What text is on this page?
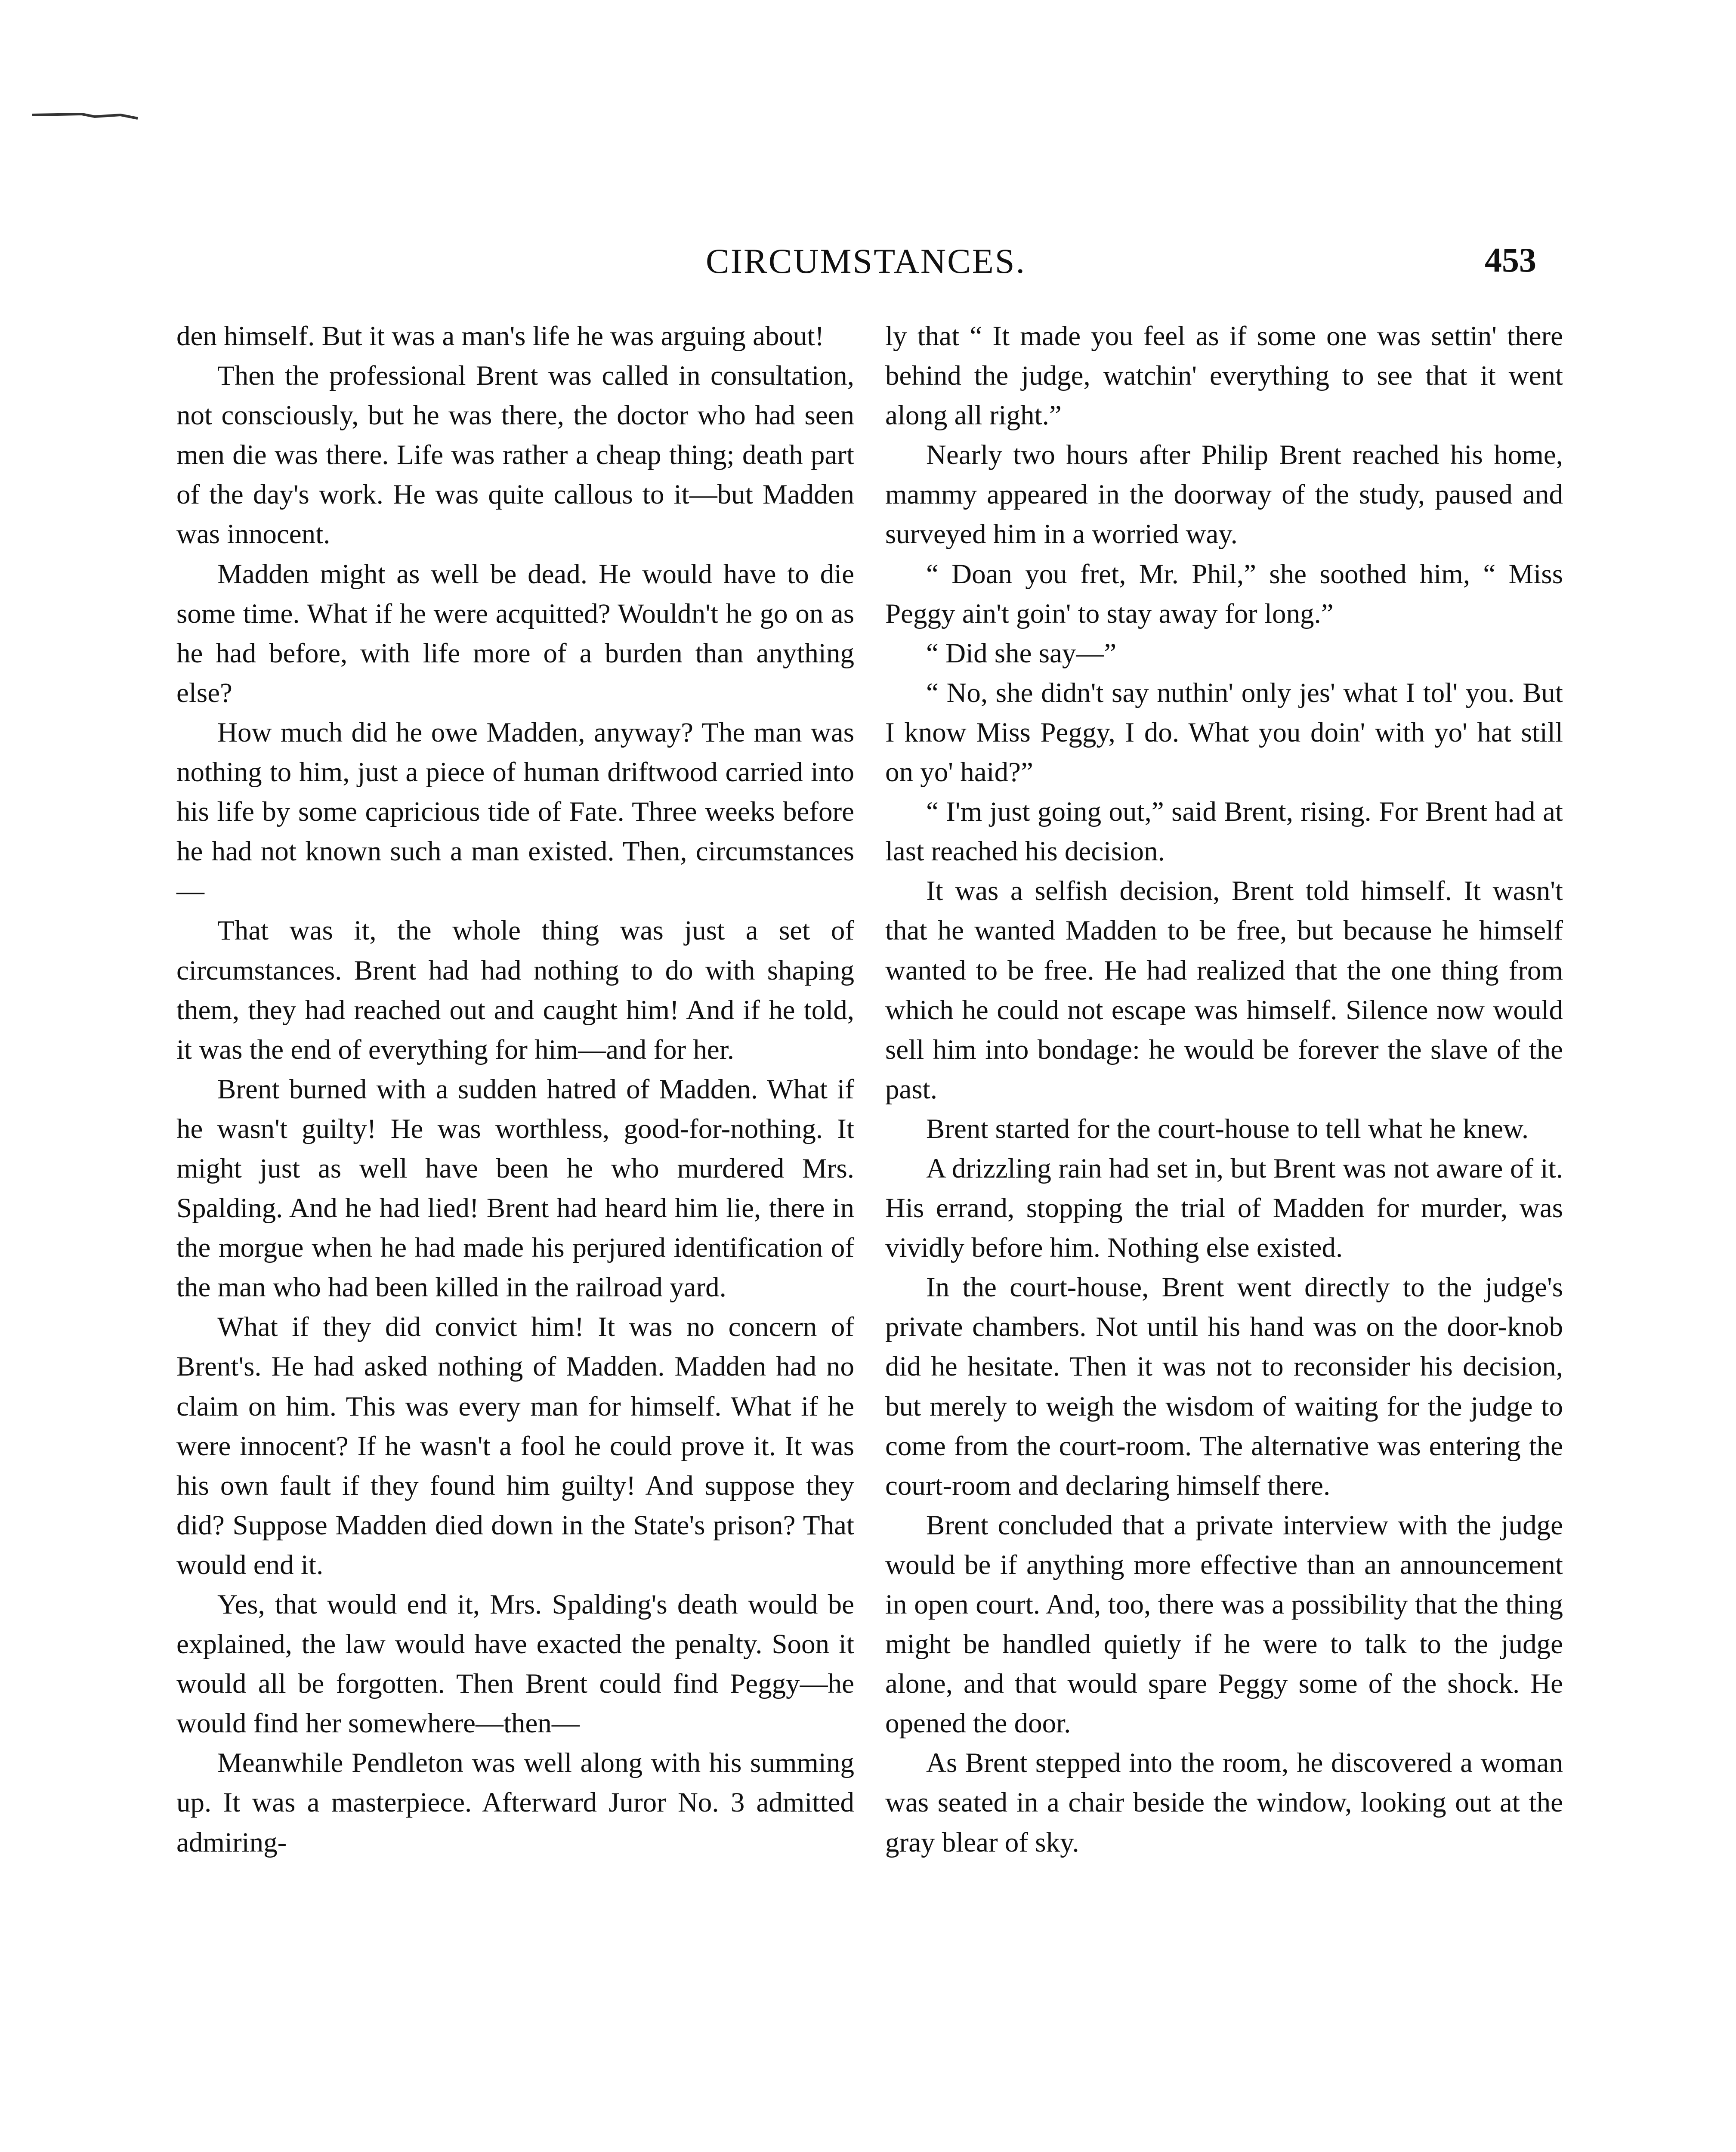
CIRCUMSTANCES.	453

den himself. But it was a man's life he was arguing about!

Then the professional Brent was called in consultation, not consciously, but he was there, the doctor who had seen men die was there. Life was rather a cheap thing; death part of the day's work. He was quite callous to it—but Madden was innocent.

Madden might as well be dead. He would have to die some time. What if he were acquitted? Wouldn't he go on as he had before, with life more of a burden than anything else?

How much did he owe Madden, anyway? The man was nothing to him, just a piece of human driftwood carried into his life by some capricious tide of Fate. Three weeks before he had not known such a man existed. Then, circumstances—

That was it, the whole thing was just a set of circumstances. Brent had had nothing to do with shaping them, they had reached out and caught him! And if he told, it was the end of everything for him—and for her.

Brent burned with a sudden hatred of Madden. What if he wasn't guilty! He was worthless, good-for-nothing. It might just as well have been he who murdered Mrs. Spalding. And he had lied! Brent had heard him lie, there in the morgue when he had made his perjured identification of the man who had been killed in the railroad yard.

What if they did convict him! It was no concern of Brent's. He had asked nothing of Madden. Madden had no claim on him. This was every man for himself. What if he were innocent? If he wasn't a fool he could prove it. It was his own fault if they found him guilty! And suppose they did? Suppose Madden died down in the State's prison? That would end it.

Yes, that would end it, Mrs. Spalding's death would be explained, the law would have exacted the penalty. Soon it would all be forgotten. Then Brent could find Peggy—he would find her somewhere—then—

Meanwhile Pendleton was well along with his summing up. It was a masterpiece. Afterward Juror No. 3 admitted admiring-

ly that “ It made you feel as if some one was settin' there behind the judge, watchin' everything to see that it went along all right.”

Nearly two hours after Philip Brent reached his home, mammy appeared in the doorway of the study, paused and surveyed him in a worried way.

“ Doan you fret, Mr. Phil,” she soothed him, “ Miss Peggy ain't goin' to stay away for long.”

“ Did she say—”

“ No, she didn't say nuthin' only jes' what I tol' you. But I know Miss Peggy, I do. What you doin' with yo' hat still on yo' haid?”

“ I'm just going out,” said Brent, rising. For Brent had at last reached his decision.

It was a selfish decision, Brent told himself. It wasn't that he wanted Madden to be free, but because he himself wanted to be free. He had realized that the one thing from which he could not escape was himself. Silence now would sell him into bondage: he would be forever the slave of the past.

Brent started for the court-house to tell what he knew.

A drizzling rain had set in, but Brent was not aware of it. His errand, stopping the trial of Madden for murder, was vividly before him. Nothing else existed.

In the court-house, Brent went directly to the judge's private chambers. Not until his hand was on the door-knob did he hesitate. Then it was not to reconsider his decision, but merely to weigh the wisdom of waiting for the judge to come from the court-room. The alternative was entering the court-room and declaring himself there.

Brent concluded that a private interview with the judge would be if anything more effective than an announcement in open court. And, too, there was a possibility that the thing might be handled quietly if he were to talk to the judge alone, and that would spare Peggy some of the shock. He opened the door.

As Brent stepped into the room, he discovered a woman was seated in a chair beside the window, looking out at the gray blear of sky.
